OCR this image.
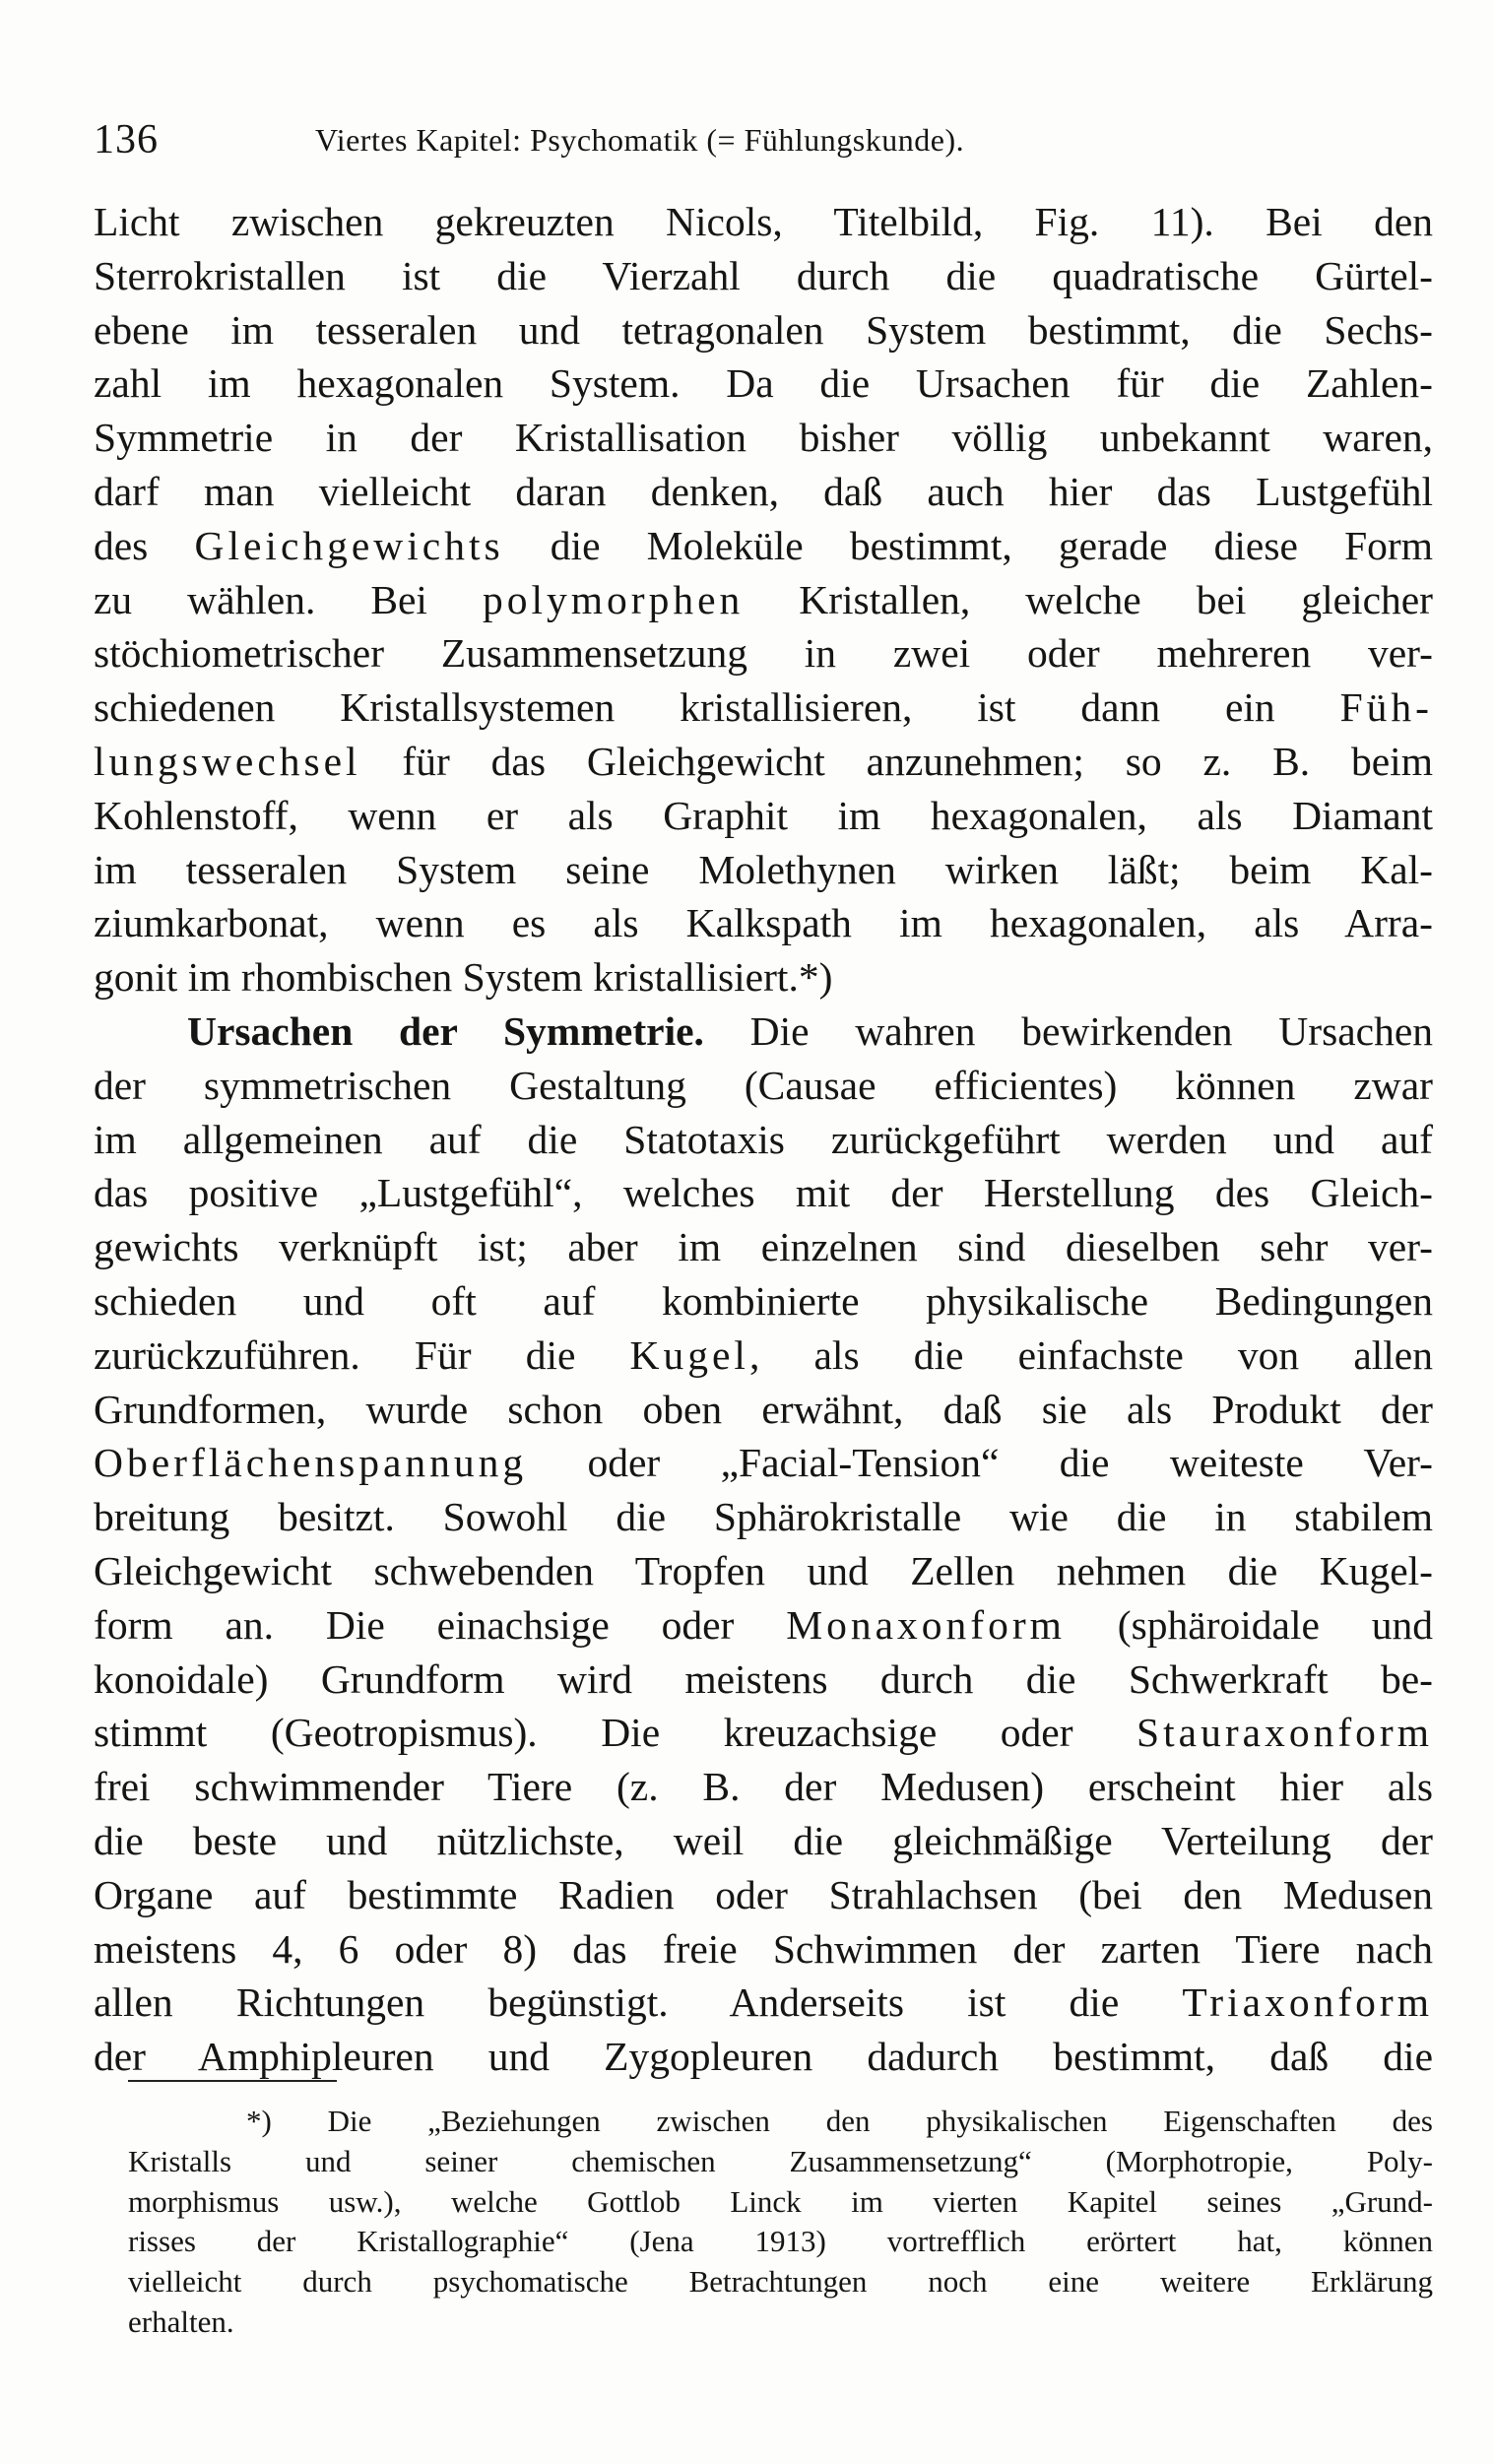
136	Viertes Kapitel: Psychomatik (= Fühlungskunde).
Licht zwischen gekreuzten Nicols, Titelbild, Fig. 11). Bei den
Sterrokristallen ist die Vierzahl durch die quadratische Gürtel-
ebene im tesseralen und tetragonalen System bestimmt, die Sechs-
zahl im hexagonalen System. Da die Ursachen für die Zahlen-
Symmetrie in der Kristallisation bisher völlig unbekannt waren,
darf man vielleicht daran denken, daß auch hier das Lustgefühl
des Gleichgewichts die Moleküle bestimmt, gerade diese Form
zu wählen. Bei polymorphen Kristallen, welche bei gleicher
stöchiometrischer Zusammensetzung in zwei oder mehreren ver-
schiedenen Kristallsystemen kristallisieren, ist dann ein Füh-
lungswechsel für das Gleichgewicht anzunehmen; so z. B. beim
Kohlenstoff, wenn er als Graphit im hexagonalen, als Diamant
im tesseralen System seine Molethynen wirken läßt; beim Kal-
ziumkarbonat, wenn es als Kalkspath im hexagonalen, als Arra-
gonit im rhombischen System kristallisiert.*)
Ursachen der Symmetrie. Die wahren bewirkenden Ursachen
der symmetrischen Gestaltung (Causae efficientes) können zwar
im allgemeinen auf die Statotaxis zurückgeführt werden und auf
das positive „Lustgefühl“, welches mit der Herstellung des Gleich-
gewichts verknüpft ist; aber im einzelnen sind dieselben sehr ver-
schieden und oft auf kombinierte physikalische Bedingungen
zurückzuführen. Für die Kugel, als die einfachste von allen
Grundformen, wurde schon oben erwähnt, daß sie als Produkt der
Oberflächenspannung oder „Facial-Tension“ die weiteste Ver-
breitung besitzt. Sowohl die Sphärokristalle wie die in stabilem
Gleichgewicht schwebenden Tropfen und Zellen nehmen die Kugel-
form an. Die einachsige oder Monaxonform (sphäroidale und
konoidale) Grundform wird meistens durch die Schwerkraft be-
stimmt (Geotropismus). Die kreuzachsige oder Stauraxonform
frei schwimmender Tiere (z. B. der Medusen) erscheint hier als
die beste und nützlichste, weil die gleichmäßige Verteilung der
Organe auf bestimmte Radien oder Strahlachsen (bei den Medusen
meistens 4, 6 oder 8) das freie Schwimmen der zarten Tiere nach
allen Richtungen begünstigt. Anderseits ist die Triaxonform
der Amphipleuren und Zygopleuren dadurch bestimmt, daß die
*) Die „Beziehungen zwischen den physikalischen Eigenschaften des
Kristalls und seiner chemischen Zusammensetzung“ (Morphotropie, Poly-
morphismus usw.), welche Gottlob Linck im vierten Kapitel seines „Grund-
risses der Kristallographie“ (Jena 1913) vortrefflich erörtert hat, können
vielleicht durch psychomatische Betrachtungen noch eine weitere Erklärung
erhalten.
